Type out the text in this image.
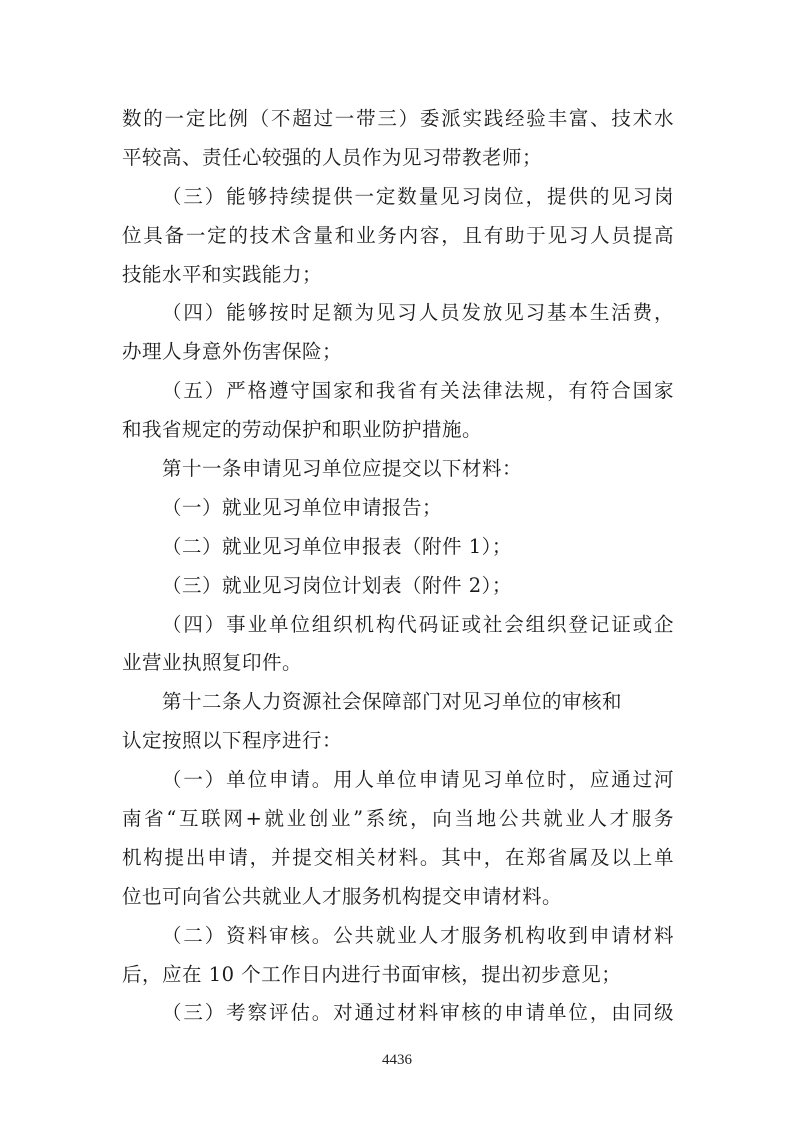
数的一定比例（不超过一带三）委派实践经验丰富、技术水
平较高、责任心较强的人员作为见习带教老师；
（三）能够持续提供一定数量见习岗位，提供的见习岗
位具备一定的技术含量和业务内容，且有助于见习人员提高
技能水平和实践能力；
（四）能够按时足额为见习人员发放见习基本生活费，
办理人身意外伤害保险；
（五）严格遵守国家和我省有关法律法规，有符合国家
和我省规定的劳动保护和职业防护措施。
第十一条申请见习单位应提交以下材料：
（一）就业见习单位申请报告；
（二）就业见习单位申报表（附件 1）；
（三）就业见习岗位计划表（附件 2）；
（四）事业单位组织机构代码证或社会组织登记证或企
业营业执照复印件。
第十二条人力资源社会保障部门对见习单位的审核和
认定按照以下程序进行：
（一）单位申请。用人单位申请见习单位时，应通过河
南省“互联网+就业创业”系统，向当地公共就业人才服务
机构提出申请，并提交相关材料。其中，在郑省属及以上单
位也可向省公共就业人才服务机构提交申请材料。
（二）资料审核。公共就业人才服务机构收到申请材料
后，应在 10 个工作日内进行书面审核，提出初步意见；
（三）考察评估。对通过材料审核的申请单位，由同级
4436
